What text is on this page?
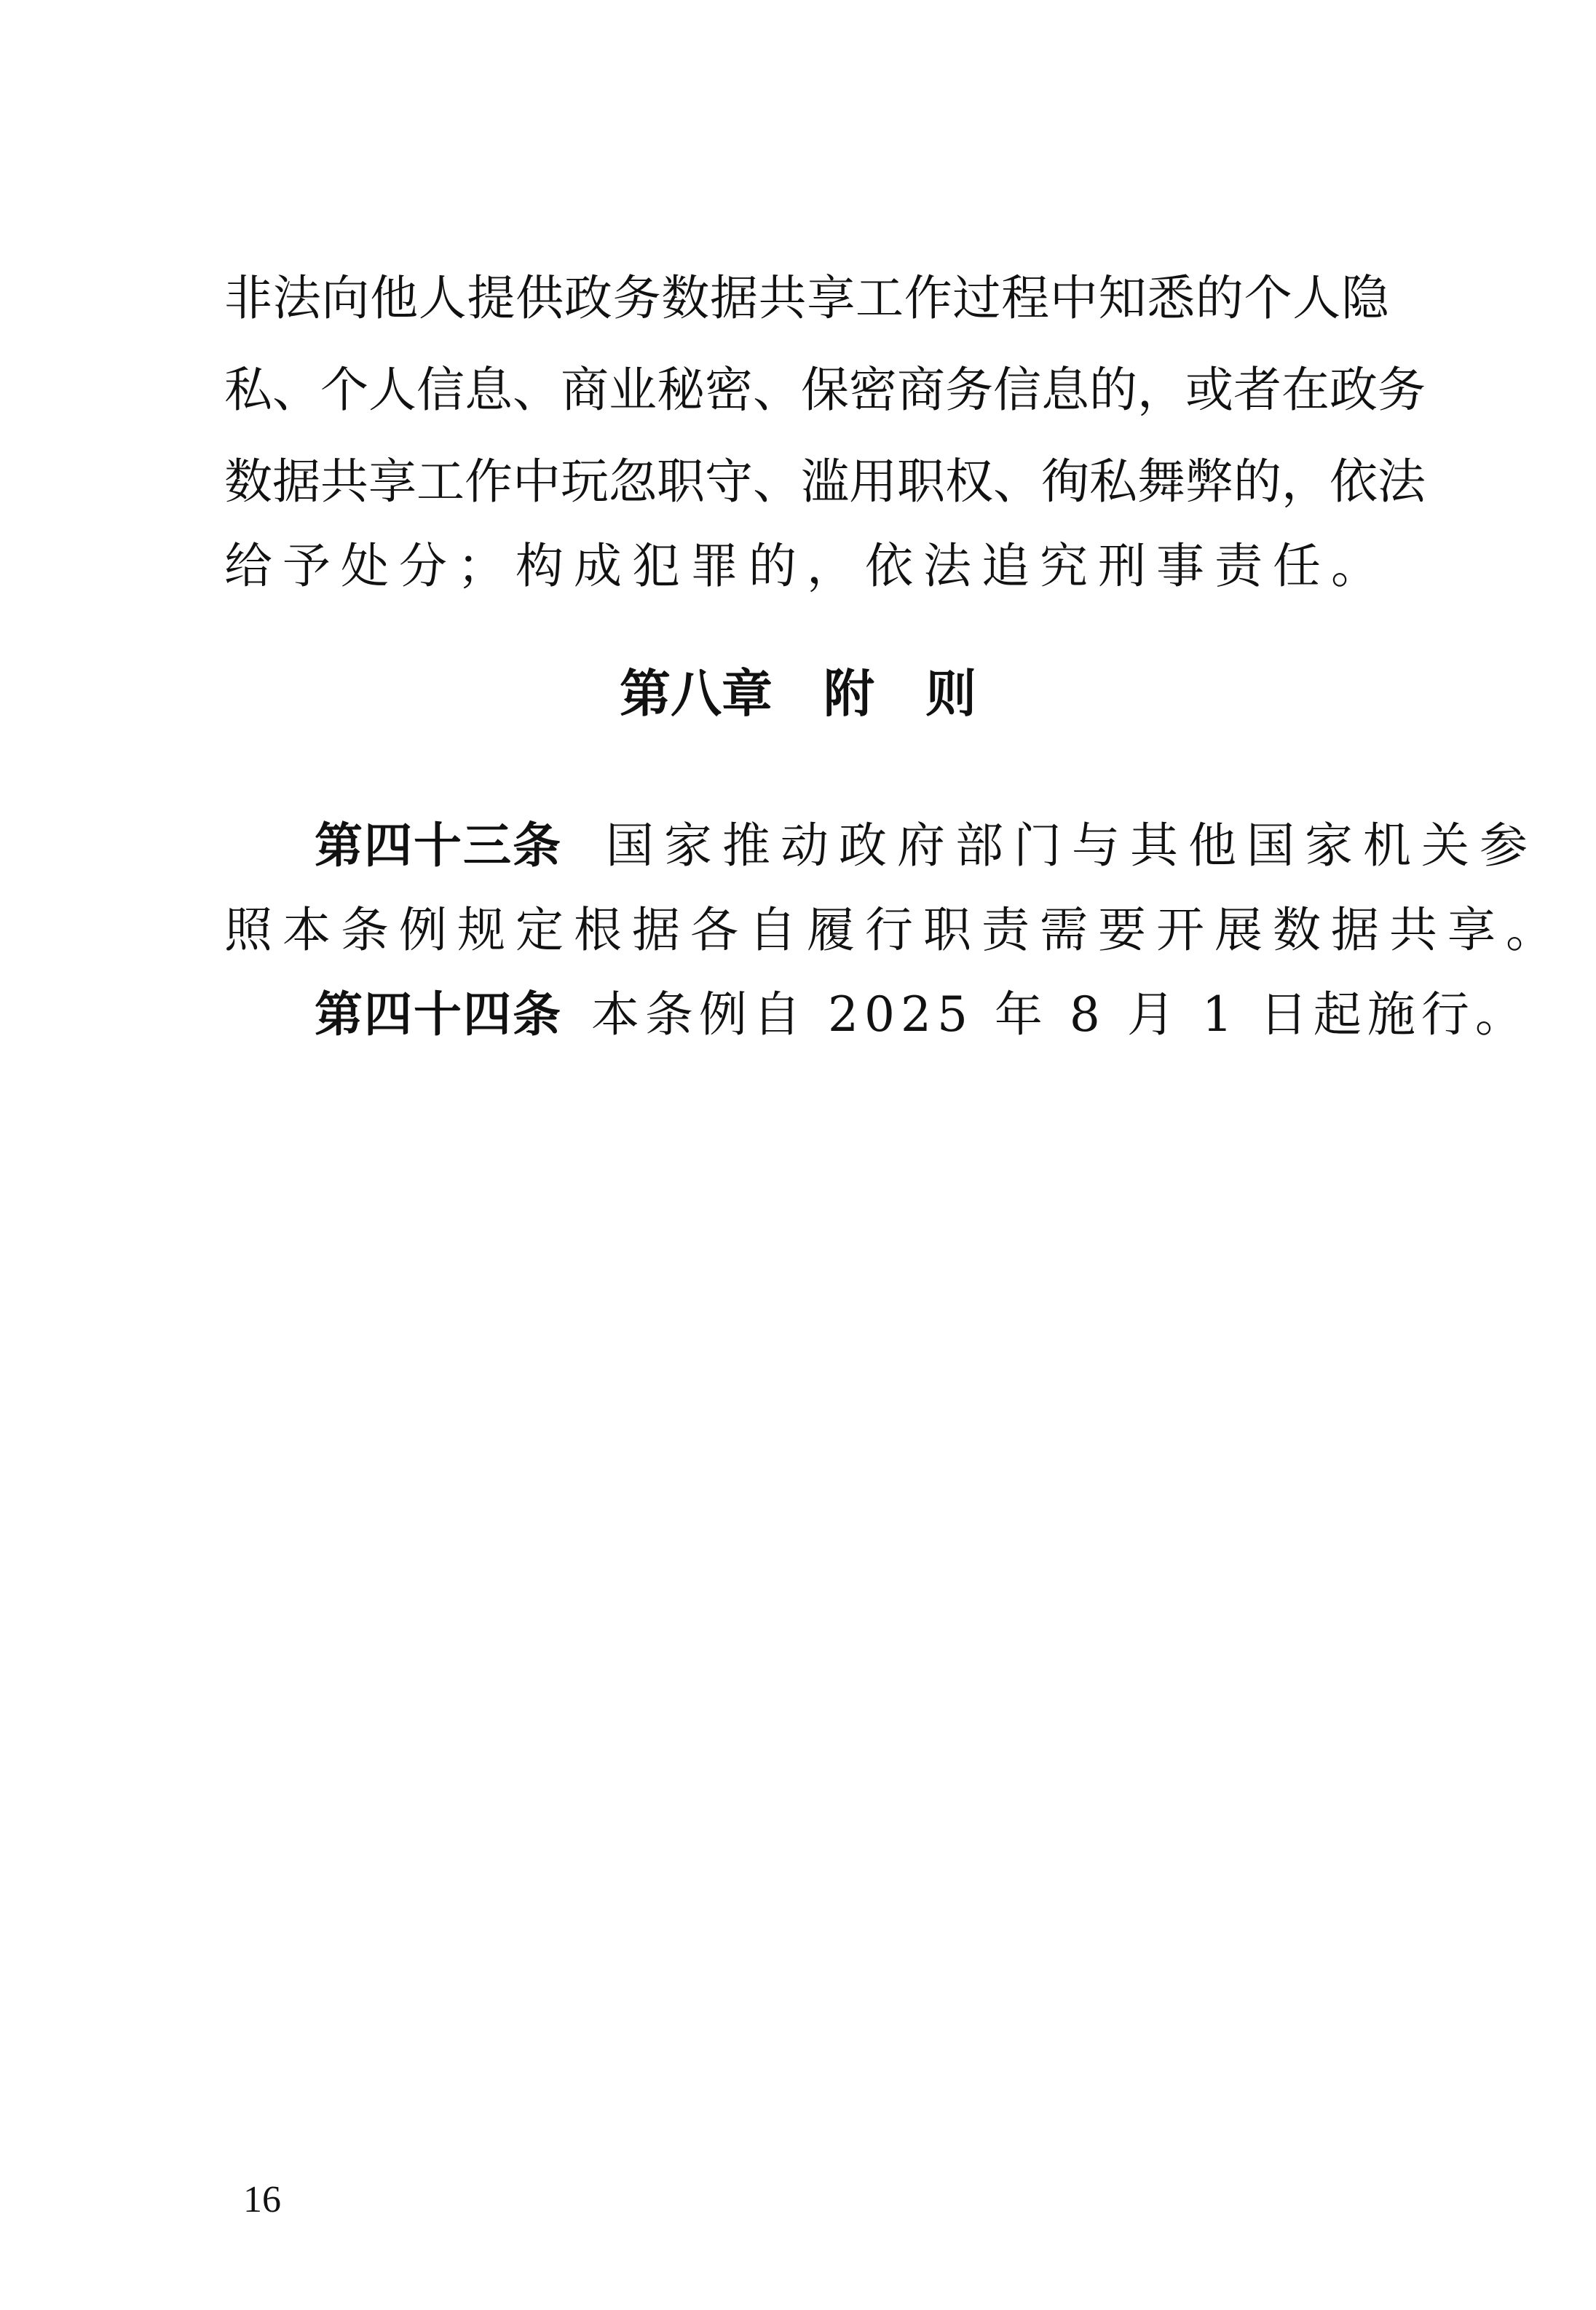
非法向他人提供政务数据共享工作过程中知悉的个人隐
私、个人信息、商业秘密、保密商务信息的，或者在政务
数据共享工作中玩忽职守、滥用职权、徇私舞弊的，依法
给予处分；构成犯罪的，依法追究刑事责任。
第八章　附　则
第四十三条 国家推动政府部门与其他国家机关参
照本条例规定根据各自履行职责需要开展数据共享。
第四十四条 本条例自 2025 年 8 月 1 日起施行。
16
